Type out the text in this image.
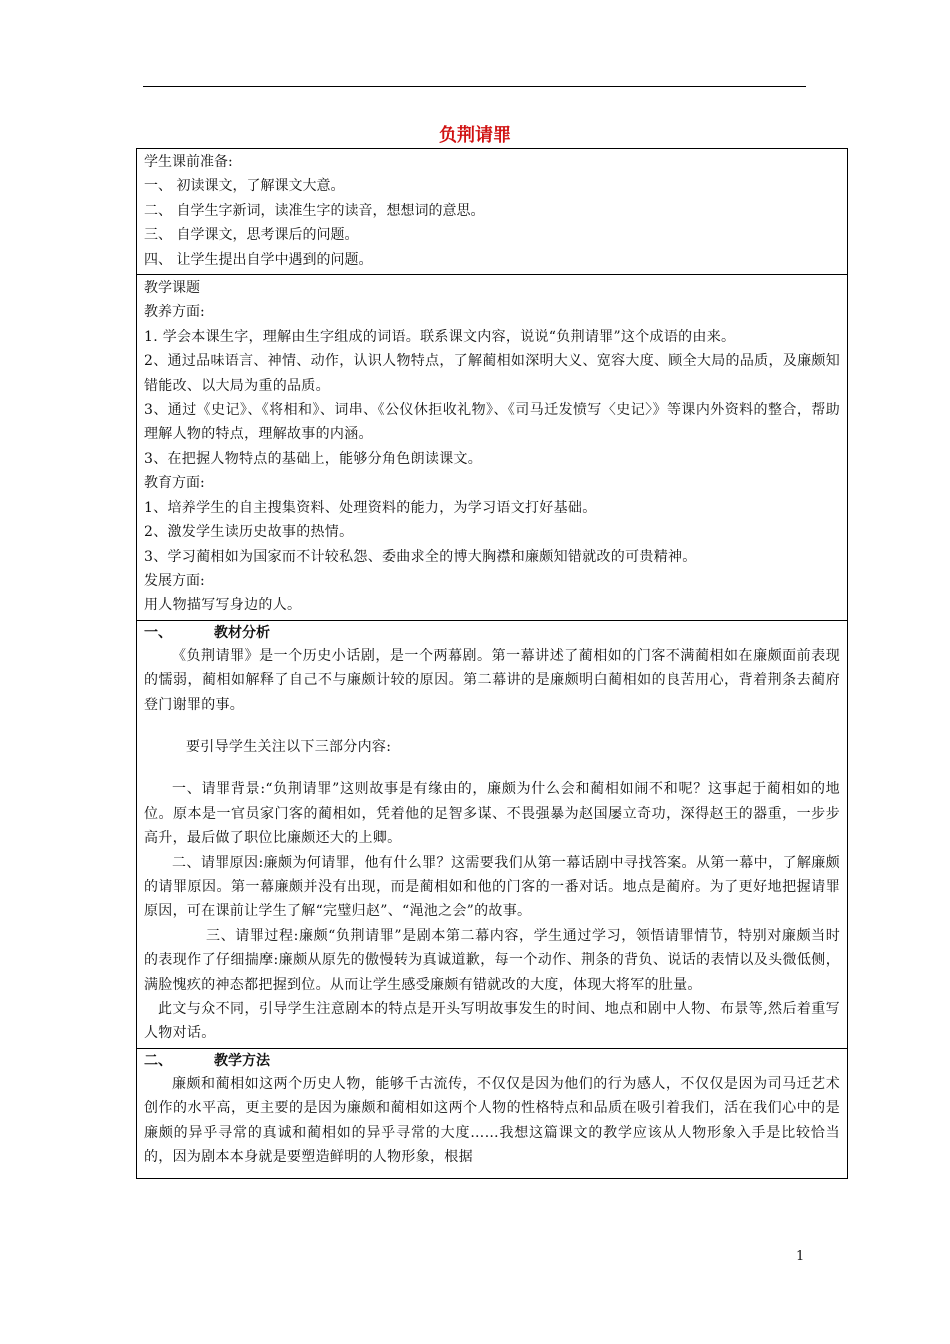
负荆请罪
学生课前准备:
一、 初读课文，了解课文大意。
二、 自学生字新词，读准生字的读音，想想词的意思。
三、 自学课文，思考课后的问题。
四、 让学生提出自学中遇到的问题。
教学课题
教养方面:
1. 学会本课生字，理解由生字组成的词语。联系课文内容，说说“负荆请罪”这个成语的由来。
2、通过品味语言、神情、动作，认识人物特点，了解蔺相如深明大义、宽容大度、顾全大局的品质，及廉颇知错能改、以大局为重的品质。
3、通过《史记》、《将相和》、词串、《公仪休拒收礼物》、《司马迁发愤写〈史记〉》等课内外资料的整合，帮助理解人物的特点，理解故事的内涵。
3、在把握人物特点的基础上，能够分角色朗读课文。
教育方面:
1、培养学生的自主搜集资料、处理资料的能力，为学习语文打好基础。
2、激发学生读历史故事的热情。
3、学习蔺相如为国家而不计较私怨、委曲求全的博大胸襟和廉颇知错就改的可贵精神。
发展方面:
用人物描写写身边的人。
一、	教材分析
《负荆请罪》是一个历史小话剧，是一个两幕剧。第一幕讲述了蔺相如的门客不满蔺相如在廉颇面前表现的懦弱，蔺相如解释了自己不与廉颇计较的原因。第二幕讲的是廉颇明白蔺相如的良苦用心，背着荆条去蔺府登门谢罪的事。
要引导学生关注以下三部分内容:
一、请罪背景:“负荆请罪”这则故事是有缘由的，廉颇为什么会和蔺相如闹不和呢？这事起于蔺相如的地位。原本是一官员家门客的蔺相如，凭着他的足智多谋、不畏强暴为赵国屡立奇功，深得赵王的器重，一步步高升，最后做了职位比廉颇还大的上卿。
二、请罪原因:廉颇为何请罪，他有什么罪？这需要我们从第一幕话剧中寻找答案。从第一幕中，了解廉颇的请罪原因。第一幕廉颇并没有出现，而是蔺相如和他的门客的一番对话。地点是蔺府。为了更好地把握请罪原因，可在课前让学生了解“完璧归赵”、“渑池之会”的故事。
三、请罪过程:廉颇“负荆请罪”是剧本第二幕内容，学生通过学习，领悟请罪情节，特别对廉颇当时的表现作了仔细揣摩:廉颇从原先的傲慢转为真诚道歉，每一个动作、荆条的背负、说话的表情以及头微低侧，满脸愧疚的神态都把握到位。从而让学生感受廉颇有错就改的大度，体现大将军的肚量。
此文与众不同，引导学生注意剧本的特点是开头写明故事发生的时间、地点和剧中人物、布景等,然后着重写人物对话。
二、	教学方法
廉颇和蔺相如这两个历史人物，能够千古流传，不仅仅是因为他们的行为感人，不仅仅是因为司马迁艺术创作的水平高，更主要的是因为廉颇和蔺相如这两个人物的性格特点和品质在吸引着我们，活在我们心中的是廉颇的异乎寻常的真诚和蔺相如的异乎寻常的大度……我想这篇课文的教学应该从人物形象入手是比较恰当的，因为剧本本身就是要塑造鲜明的人物形象，根据
1
